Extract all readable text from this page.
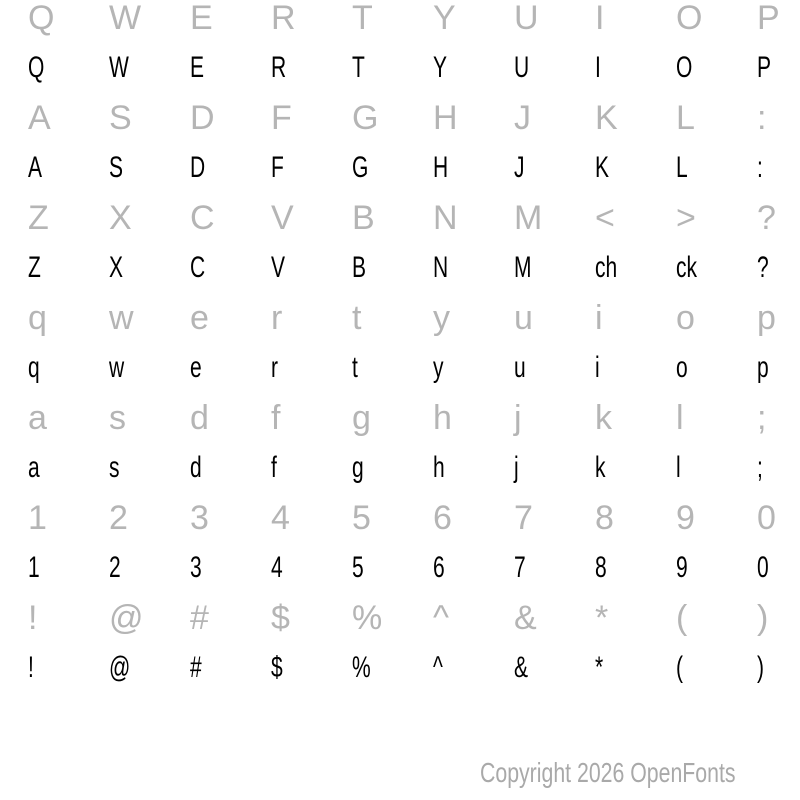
Q W E R T Y U I O P
Q W E R T Y U I	O P
A S D F G H J K L :
A S D F G H J K L :
Z X C V B N M < > ?
Z X C V B N M ch ck ?
q w e r t y u i o p
q w e r t	y u i	o p
a s d f g h j k l ;
a s d f	g h j	k l	;
1 2 3 4 5 6 7 8 9 0
1 2 3 4 5 6 7 8 9 0
! @ # $ % ^ & * ( )
!	@ # $ % ^ & * ( )
Copyright 2026 OpenFonts
